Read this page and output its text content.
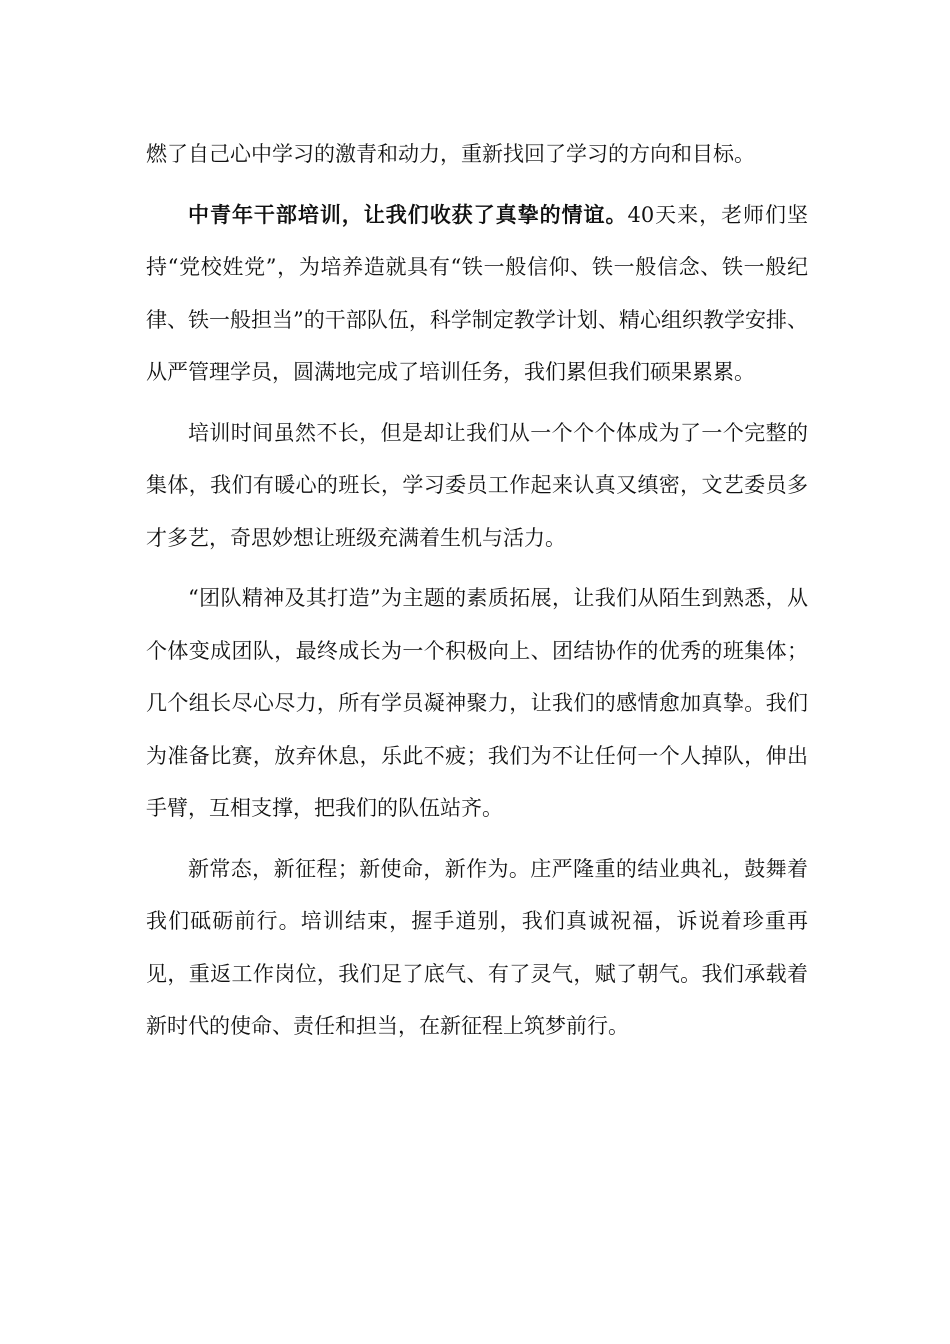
燃了自己心中学习的激青和动力，重新找回了学习的方向和目标。

中青年干部培训，让我们收获了真挚的情谊。40天来，老师们坚持“党校姓党”，为培养造就具有“铁一般信仰、铁一般信念、铁一般纪律、铁一般担当”的干部队伍，科学制定教学计划、精心组织教学安排、从严管理学员，圆满地完成了培训任务，我们累但我们硕果累累。

培训时间虽然不长，但是却让我们从一个个个体成为了一个完整的集体，我们有暖心的班长，学习委员工作起来认真又缜密，文艺委员多才多艺，奇思妙想让班级充满着生机与活力。

“团队精神及其打造”为主题的素质拓展，让我们从陌生到熟悉，从个体变成团队，最终成长为一个积极向上、团结协作的优秀的班集体；几个组长尽心尽力，所有学员凝神聚力，让我们的感情愈加真挚。我们为准备比赛，放弃休息，乐此不疲；我们为不让任何一个人掉队，伸出手臂，互相支撑，把我们的队伍站齐。

新常态，新征程；新使命，新作为。庄严隆重的结业典礼，鼓舞着我们砥砺前行。培训结束，握手道别，我们真诚祝福，诉说着珍重再见，重返工作岗位，我们足了底气、有了灵气，赋了朝气。我们承载着新时代的使命、责任和担当，在新征程上筑梦前行。
